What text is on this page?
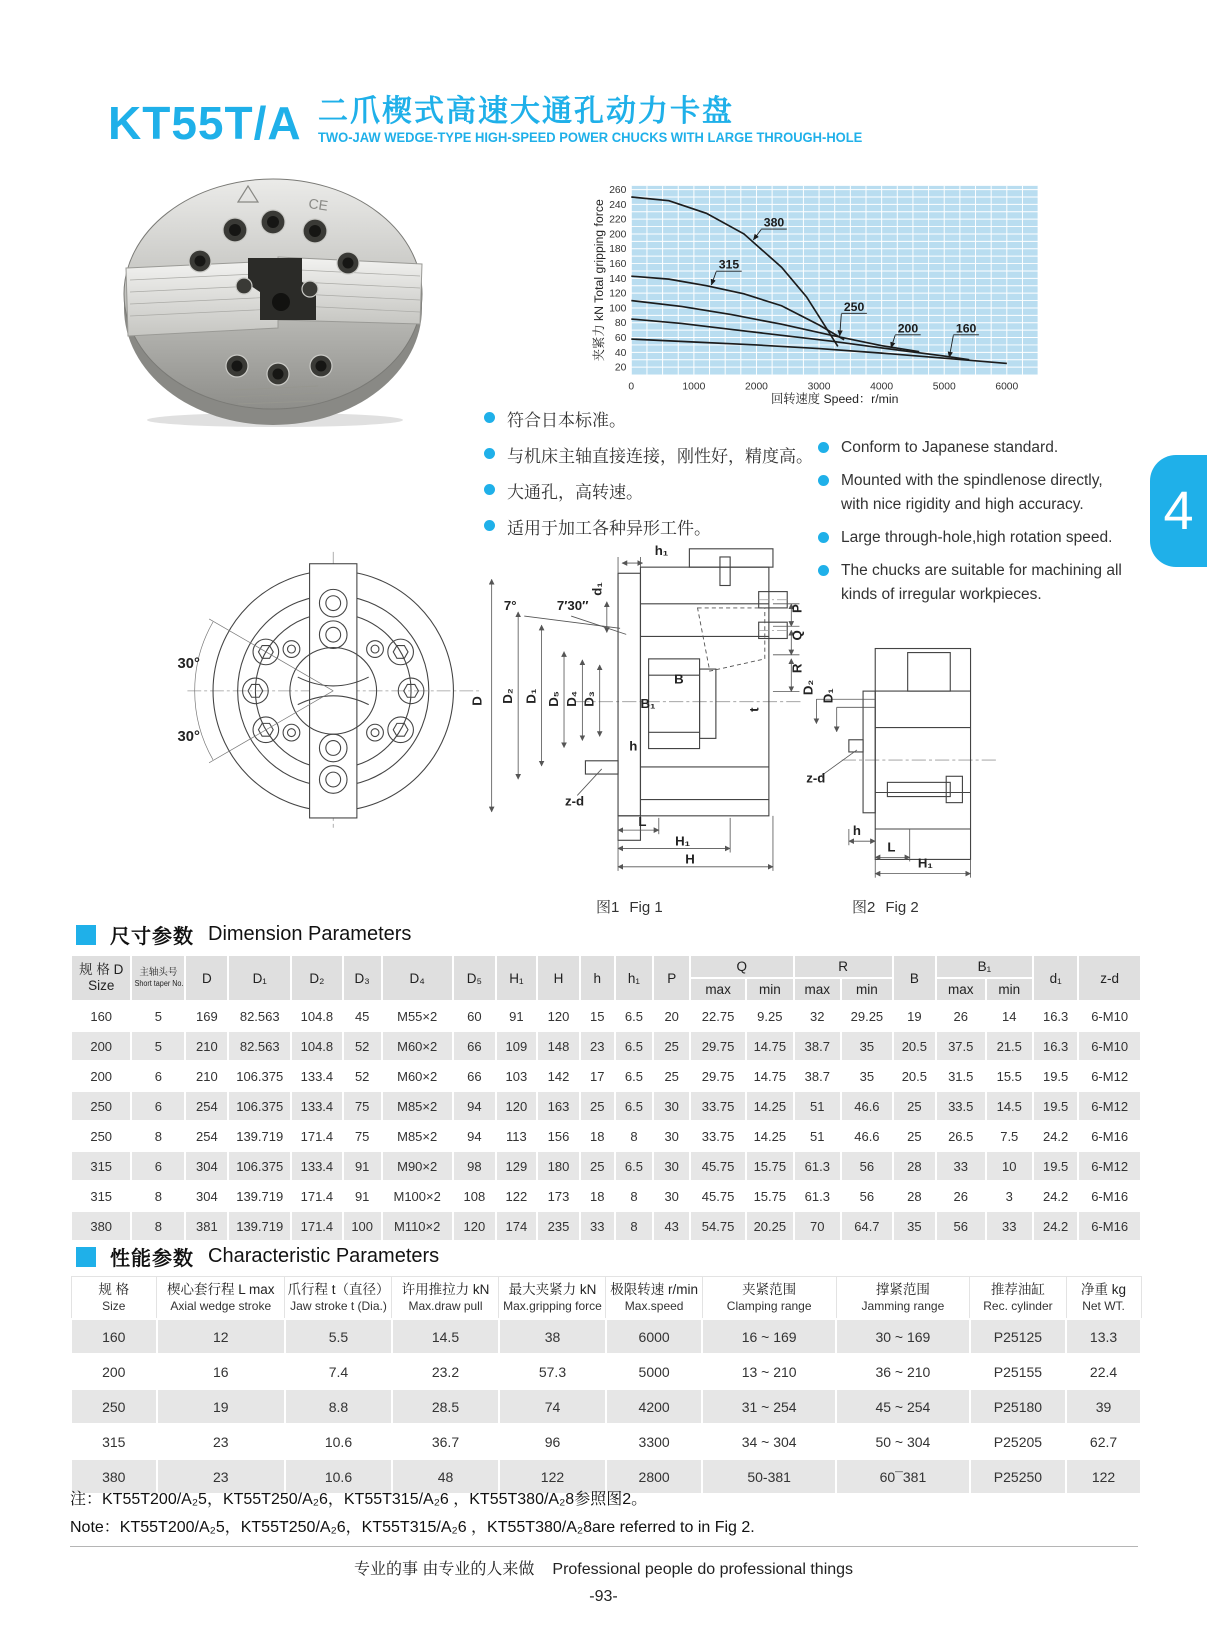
KT55T/A 二爪楔式高速大通孔动力卡盘
TWO-JAW WEDGE-TYPE HIGH-SPEED POWER CHUCKS WITH LARGE THROUGH-HOLE
CE
20
40
60
80
100
120
140
160
180
200
220
240
260
0	1000	2000	3000	4000	5000	6000
回转速度 Speed：r/min
夹紧力 kN Total gripping force	380
315
250
200	160
符合日本标准。
与机床主轴直接连接，刚性好，精度高。
大通孔，高转速。
适用于加工各种异形工件。
Conform to Japanese standard.
Mounted with the spindlenose directly, with nice rigidity and high accuracy.
Large through-hole,high rotation speed.
The chucks are suitable for machining all kinds of irregular workpieces.
4
30°
30°
h₁
d₁
7°	7′30″
D D₂ D₁ D₅ D₄ D₃
B
B₁	t
h
z-d
L
H₁
H
P
Q
R
D₂
D₁
z-d
h
L
H₁
图1 Fig 1	图2 Fig 2
尺寸参数 Dimension Parameters
规 格 D
Size

主轴头号
Short taper No.	D	D₁	D₂	D₃	D₄	D₅	H₁	H	h	h₁	P	Q	R	B	B₁	d₁	z-d
													max	min	max	min		max	min		
160	5	169	82.563	104.8	45	M55×2	60	91	120	15	6.5	20	22.75	9.25	32	29.25	19	26	14	16.3	6-M10
200	5	210	82.563	104.8	52	M60×2	66	109	148	23	6.5	25	29.75	14.75	38.7	35	20.5	37.5	21.5	16.3	6-M10
200	6	210	106.375	133.4	52	M60×2	66	103	142	17	6.5	25	29.75	14.75	38.7	35	20.5	31.5	15.5	19.5	6-M12
250	6	254	106.375	133.4	75	M85×2	94	120	163	25	6.5	30	33.75	14.25	51	46.6	25	33.5	14.5	19.5	6-M12
250	8	254	139.719	171.4	75	M85×2	94	113	156	18	8	30	33.75	14.25	51	46.6	25	26.5	7.5	24.2	6-M16
315	6	304	106.375	133.4	91	M90×2	98	129	180	25	6.5	30	45.75	15.75	61.3	56	28	33	10	19.5	6-M12
315	8	304	139.719	171.4	91	M100×2	108	122	173	18	8	30	45.75	15.75	61.3	56	28	26	3	24.2	6-M16
380	8	381	139.719	171.4	100	M110×2	120	174	235	33	8	43	54.75	20.25	70	64.7	35	56	33	24.2	6-M16
性能参数 Characteristic Parameters
规 格
Size

楔心套行程 L max
Axial wedge stroke

爪行程 t（直径）
Jaw stroke t (Dia.)

许用推拉力 kN
Max.draw pull

最大夹紧力 kN
Max.gripping force

极限转速 r/min
Max.speed

夹紧范围
Clamping range

撑紧范围
Jamming range

推荐油缸
Rec. cylinder

净重 kg
Net WT.

160	12	5.5	14.5	38	6000	16 ~ 169	30 ~ 169	P25125	13.3
200	16	7.4	23.2	57.3	5000	13 ~ 210	36 ~ 210	P25155	22.4
250	19	8.8	28.5	74	4200	31 ~ 254	45 ~ 254	P25180	39
315	23	10.6	36.7	96	3300	34 ~ 304	50 ~ 304	P25205	62.7
380	23	10.6	48	122	2800	50-381	60¯381	P25250	122
注：KT55T200/A₂5，KT55T250/A₂6，KT55T315/A₂6 ，KT55T380/A₂8参照图2。
Note：KT55T200/A₂5，KT55T250/A₂6，KT55T315/A₂6 ，KT55T380/A₂8are referred to in Fig 2.
专业的事 由专业的人来做 Professional people do professional things
-93-
